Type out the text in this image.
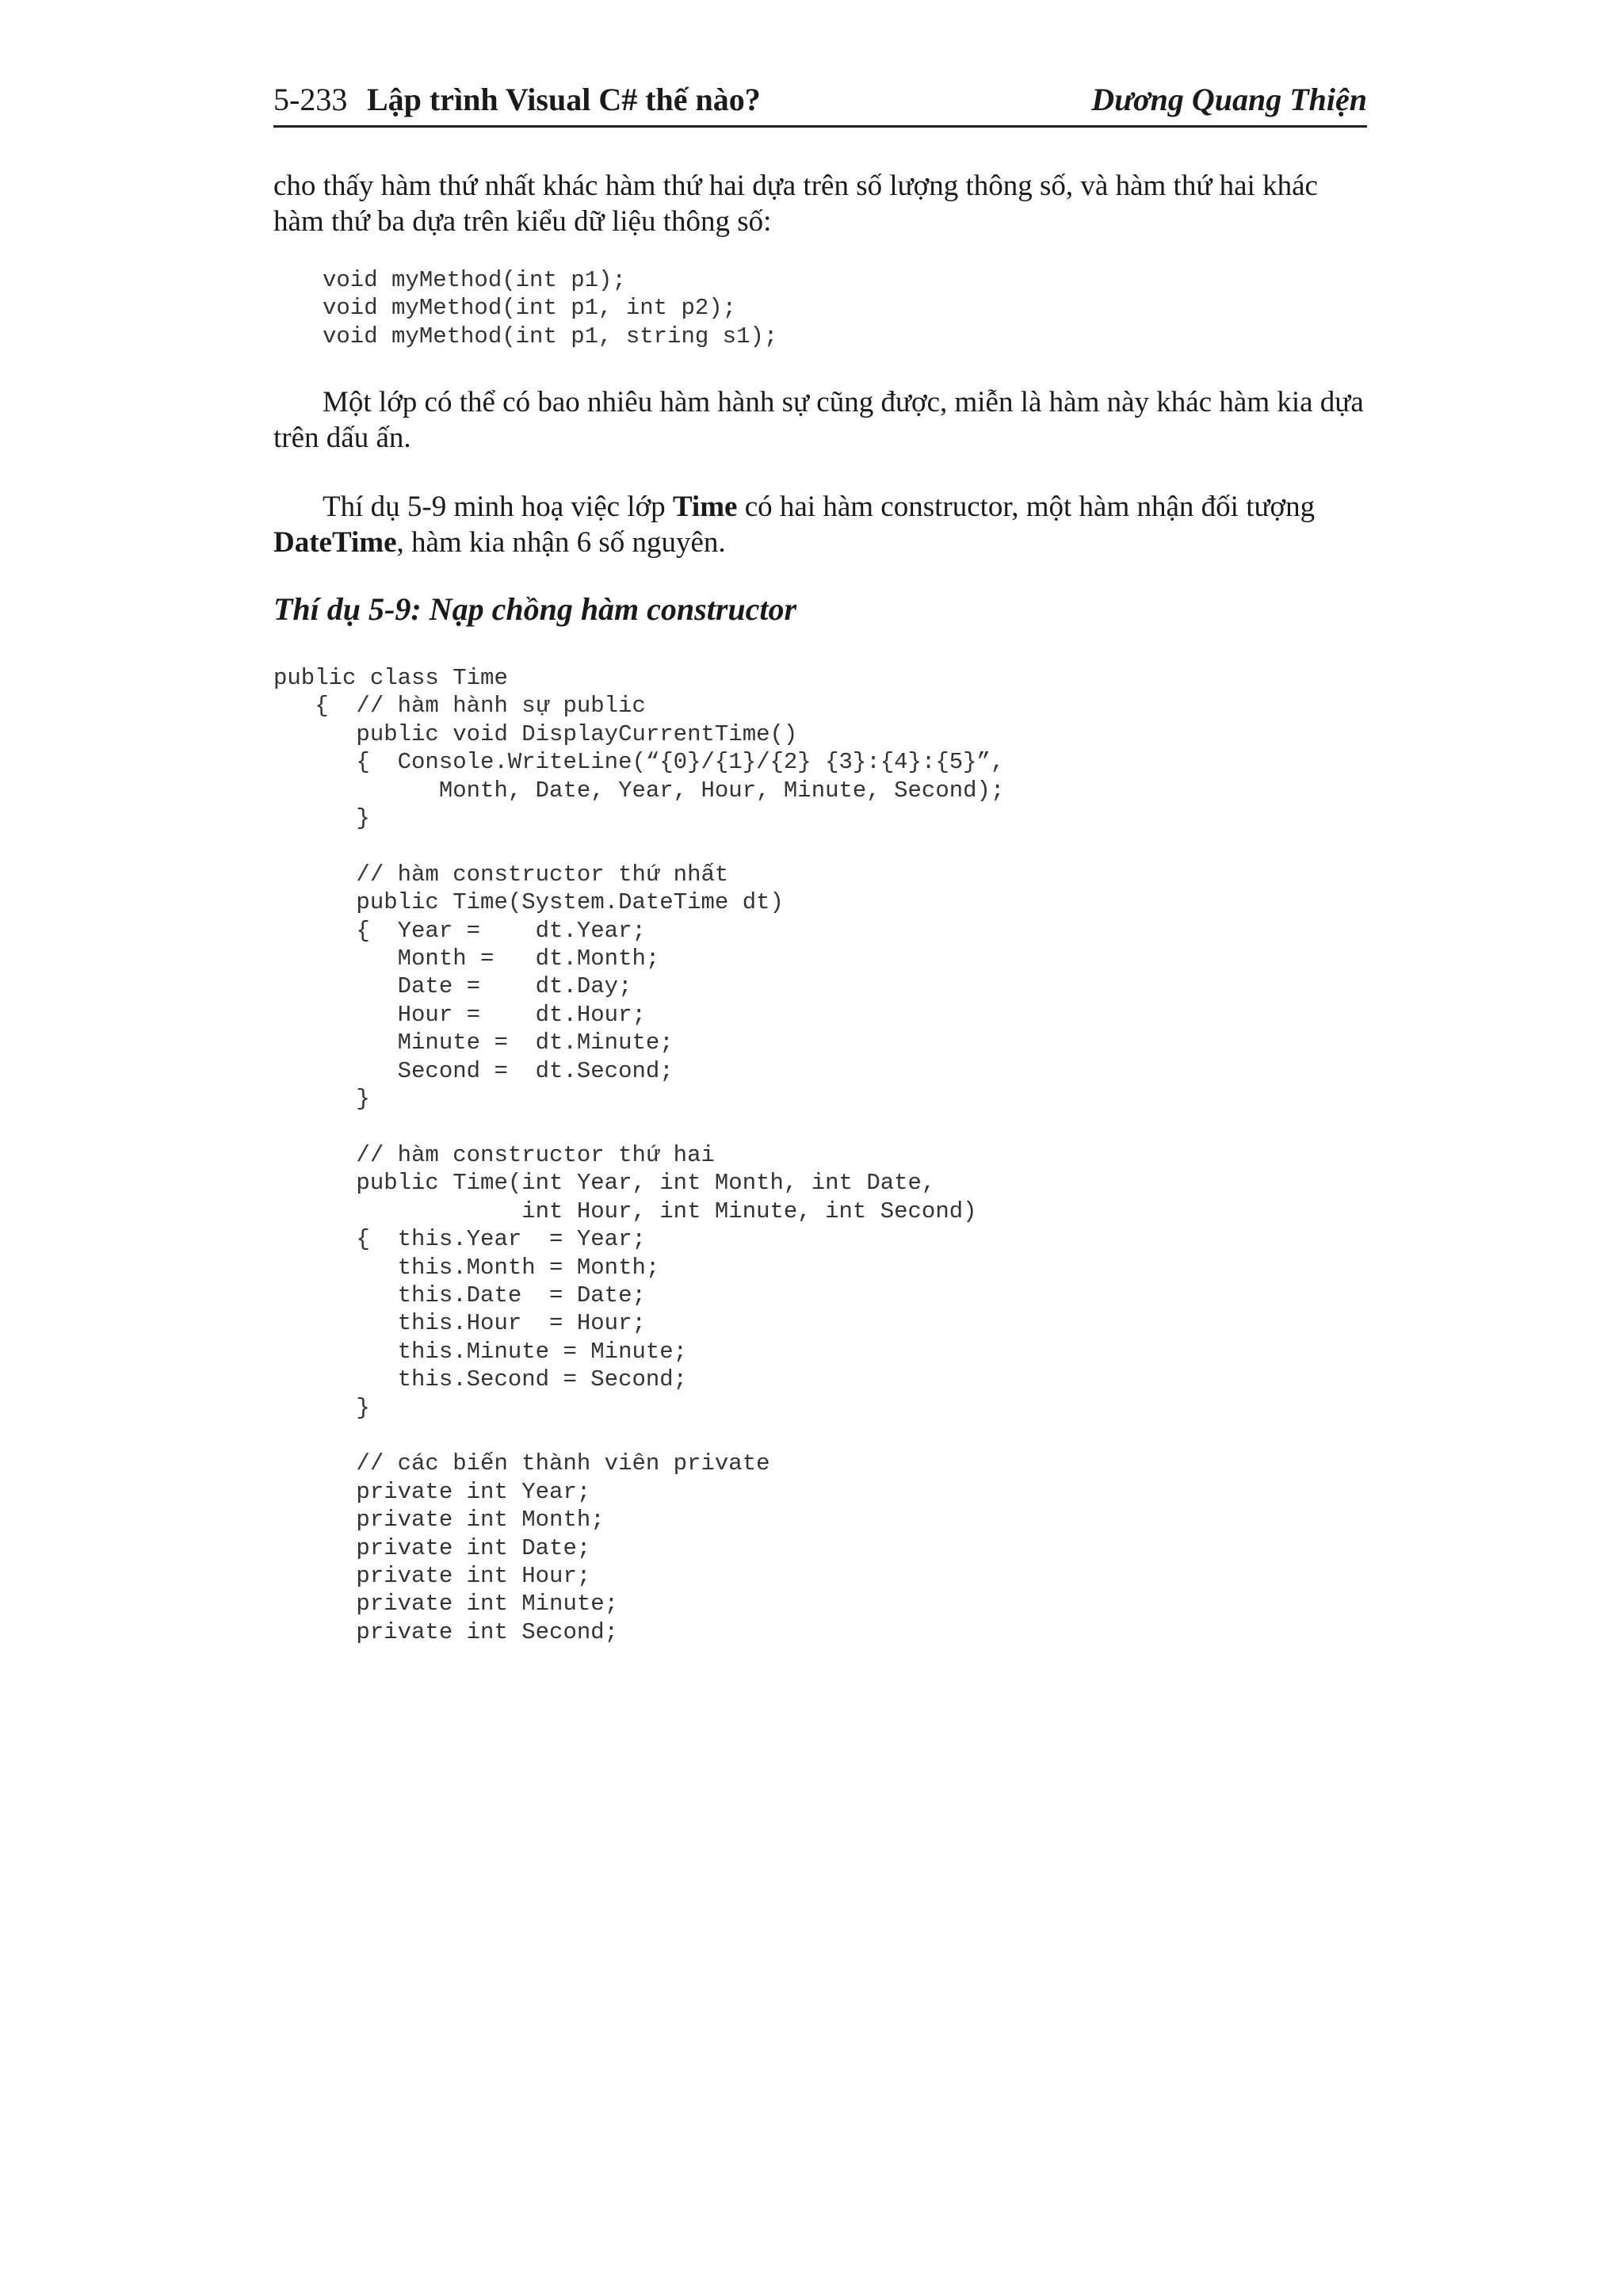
5-233 Lập trình Visual C# thế nào?	Dương Quang Thiện

cho thấy hàm thứ nhất khác hàm thứ hai dựa trên số lượng thông số, và hàm thứ hai khác hàm thứ ba dựa trên kiểu dữ liệu thông số:

void myMethod(int p1);
void myMethod(int p1, int p2);
void myMethod(int p1, string s1);

Một lớp có thể có bao nhiêu hàm hành sự cũng được, miễn là hàm này khác hàm kia dựa trên dấu ấn.

Thí dụ 5-9 minh hoạ việc lớp Time có hai hàm constructor, một hàm nhận đối tượng DateTime, hàm kia nhận 6 số nguyên.

Thí dụ 5-9: Nạp chồng hàm constructor
public class Time
{  // hàm hành sự public
public void DisplayCurrentTime()
{  Console.WriteLine(“{0}/{1}/{2} {3}:{4}:{5}”,
Month, Date, Year, Hour, Minute, Second);
}

// hàm constructor thứ nhất
public Time(System.DateTime dt)
{  Year =    dt.Year;
Month =   dt.Month;
Date =    dt.Day;
Hour =    dt.Hour;
Minute =  dt.Minute;
Second =  dt.Second;
}

// hàm constructor thứ hai
public Time(int Year, int Month, int Date,
int Hour, int Minute, int Second)
{  this.Year  = Year;
this.Month = Month;
this.Date  = Date;
this.Hour  = Hour;
this.Minute = Minute;
this.Second = Second;
}

// các biến thành viên private
private int Year;
private int Month;
private int Date;
private int Hour;
private int Minute;
private int Second;
